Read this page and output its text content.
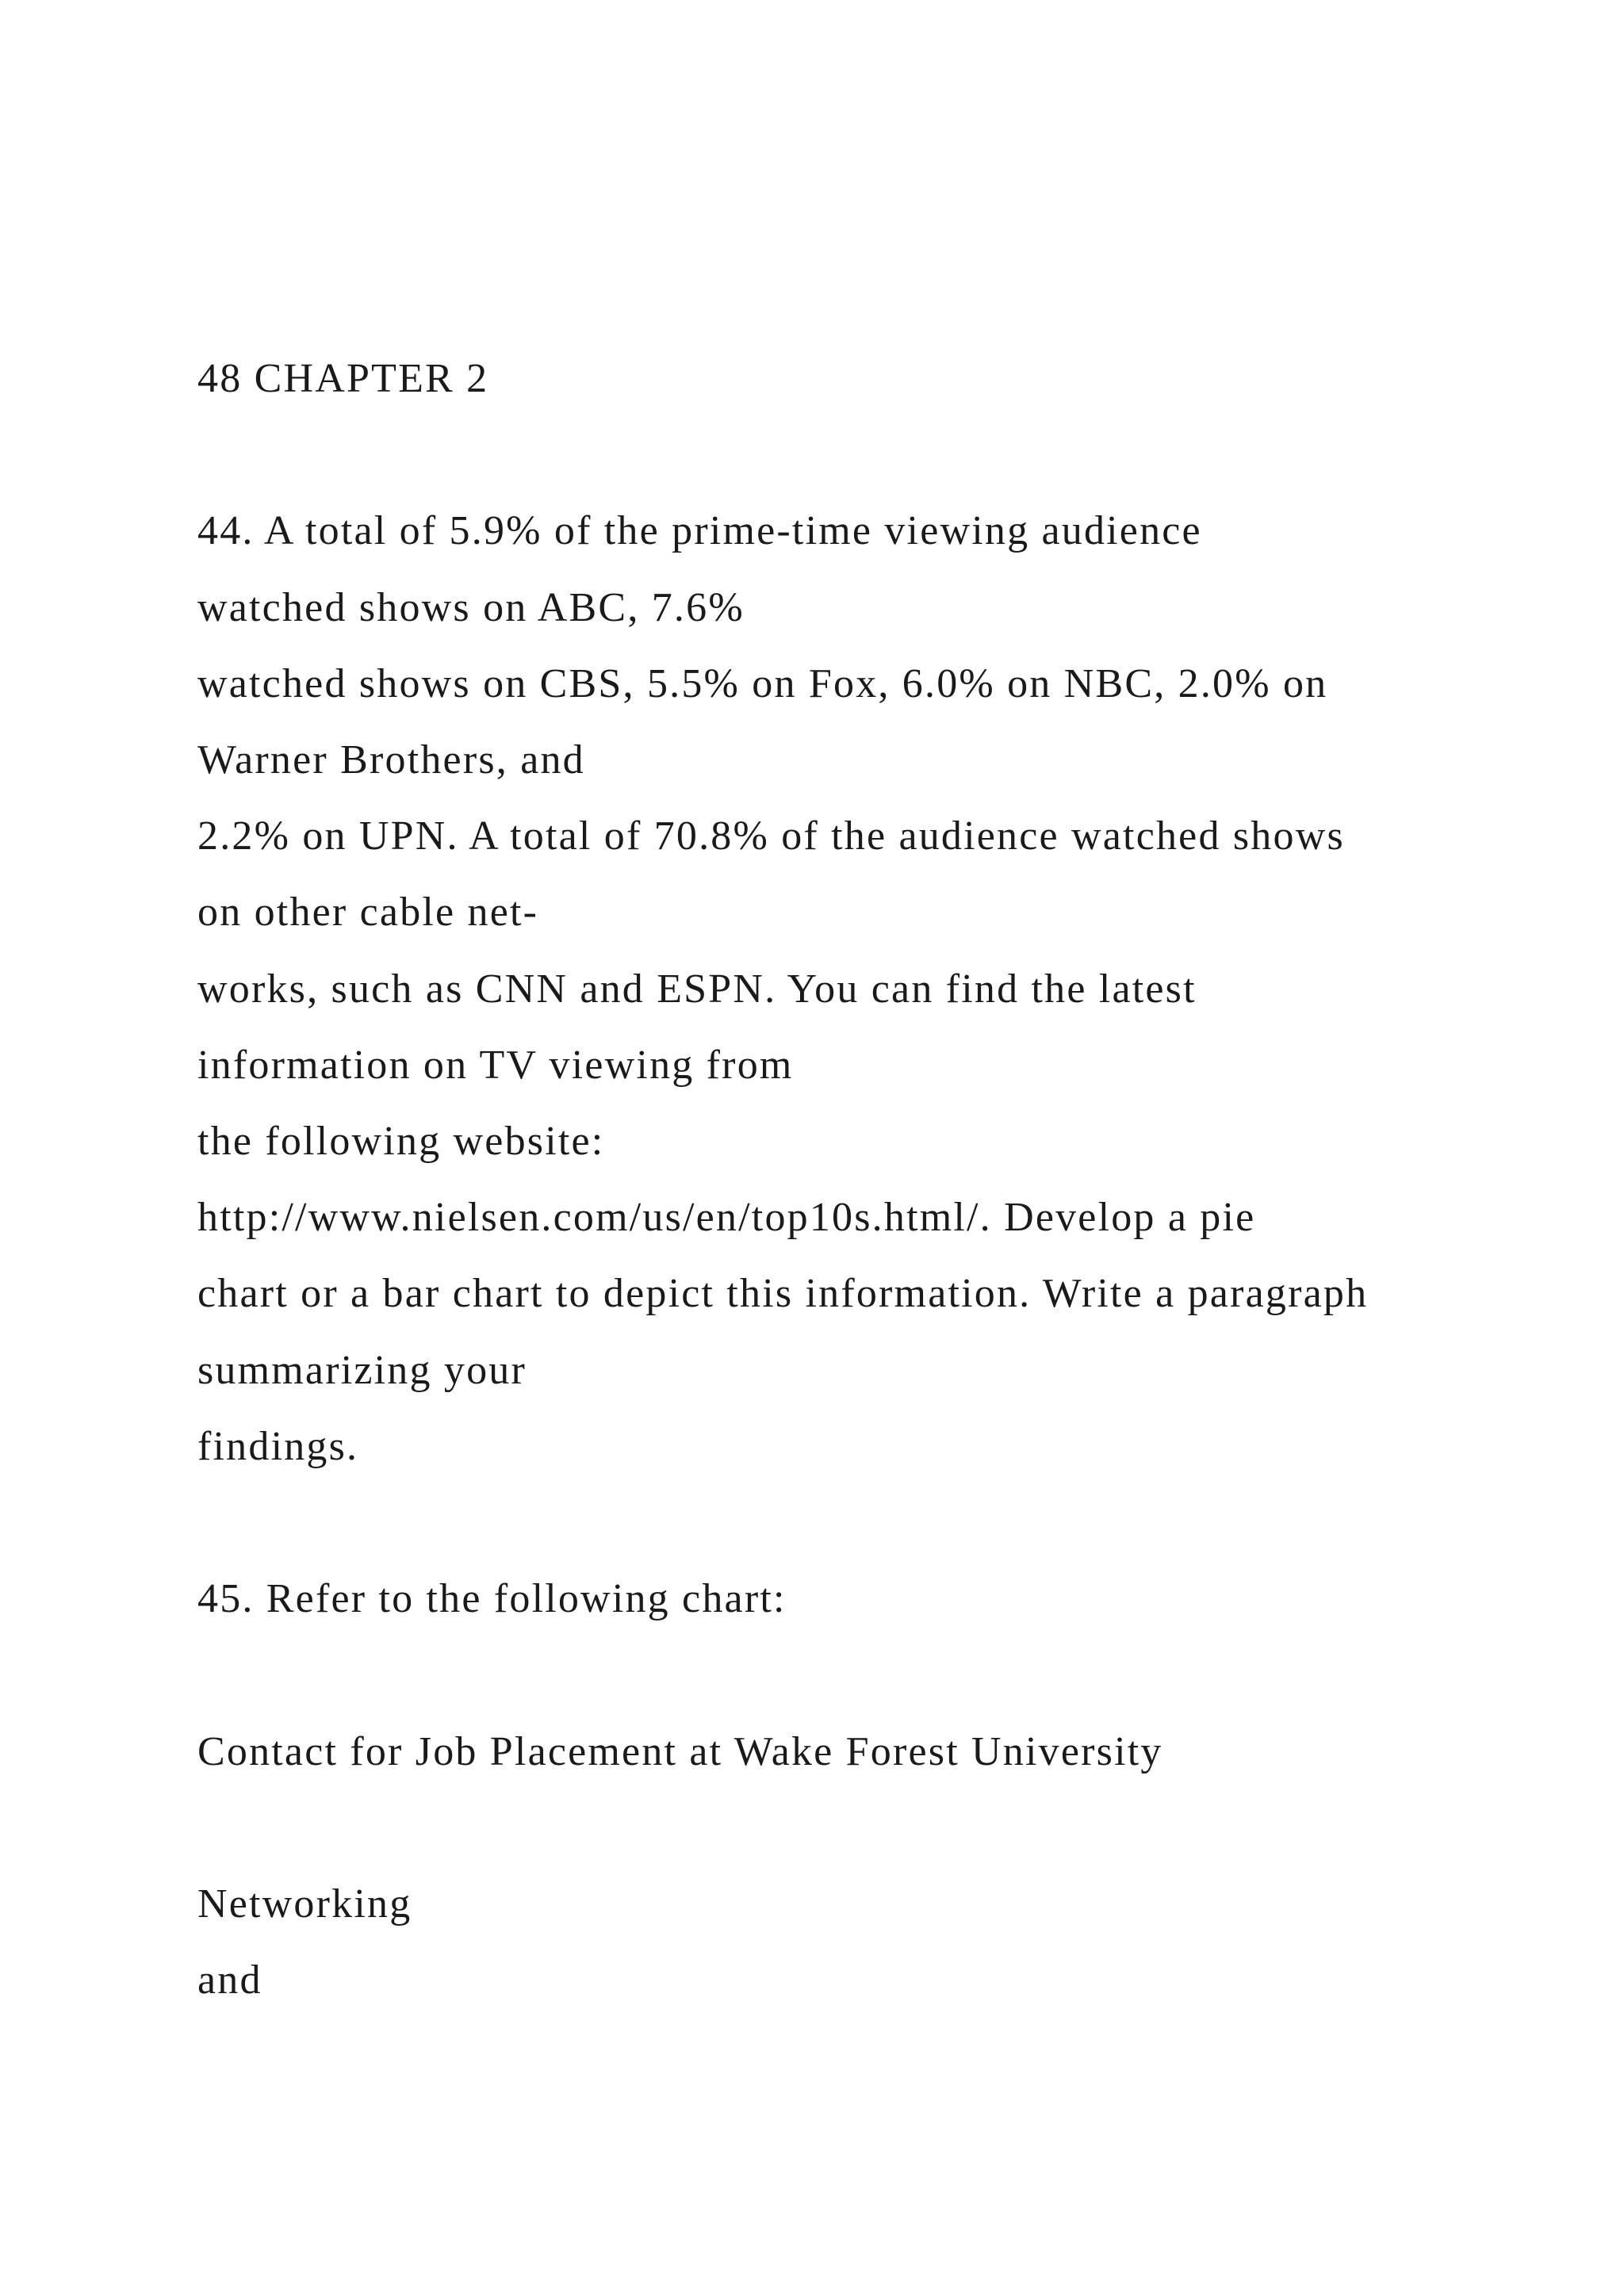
48 CHAPTER 2
44. A total of 5.9% of the prime-time viewing audience
watched shows on ABC, 7.6%
watched shows on CBS, 5.5% on Fox, 6.0% on NBC, 2.0% on
Warner Brothers, and
2.2% on UPN. A total of 70.8% of the audience watched shows
on other cable net-
works, such as CNN and ESPN. You can find the latest
information on TV viewing from
the following website:
http://www.nielsen.com/us/en/top10s.html/. Develop a pie
chart or a bar chart to depict this information. Write a paragraph
summarizing your
findings.
45. Refer to the following chart:
Contact for Job Placement at Wake Forest University
Networking
and
